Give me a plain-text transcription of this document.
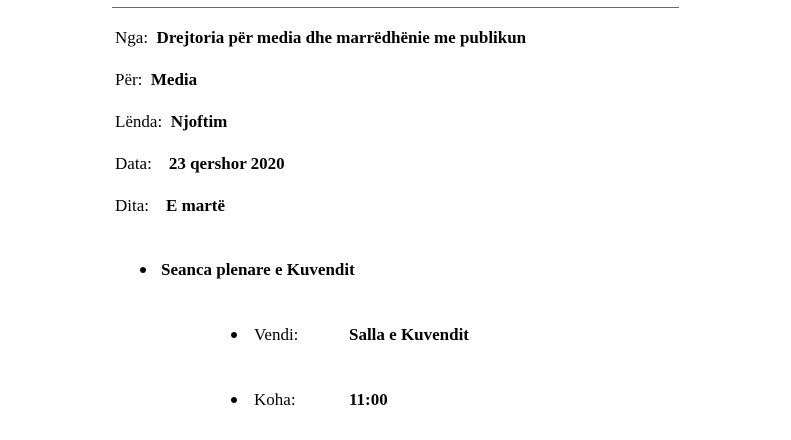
Nga: Drejtoria për media dhe marrëdhënie me publikun
Për: Media
Lënda: Njoftim
Data: 23 qershor 2020
Dita: E martë
Seanca plenare e Kuvendit
Vendi:	Salla e Kuvendit
Koha:	11:00
